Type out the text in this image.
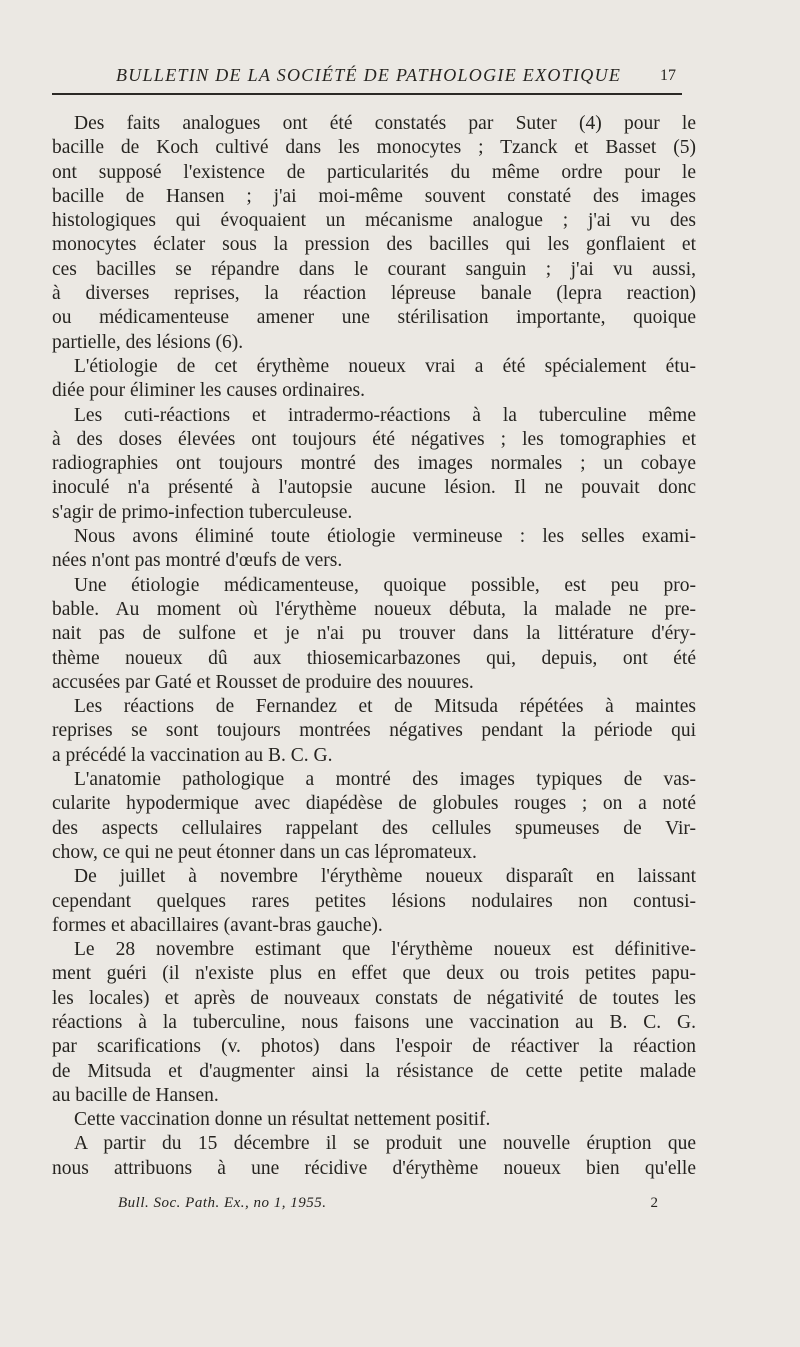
BULLETIN DE LA SOCIÉTÉ DE PATHOLOGIE EXOTIQUE 17
Des faits analogues ont été constatés par Suter (4) pour le
bacille de Koch cultivé dans les monocytes ; Tzanck et Basset (5)
ont supposé l'existence de particularités du même ordre pour le
bacille de Hansen ; j'ai moi-même souvent constaté des images
histologiques qui évoquaient un mécanisme analogue ; j'ai vu des
monocytes éclater sous la pression des bacilles qui les gonflaient et
ces bacilles se répandre dans le courant sanguin ; j'ai vu aussi,
à diverses reprises, la réaction lépreuse banale (lepra reaction)
ou médicamenteuse amener une stérilisation importante, quoique
partielle, des lésions (6).
L'étiologie de cet érythème noueux vrai a été spécialement étu-
diée pour éliminer les causes ordinaires.
Les cuti-réactions et intradermo-réactions à la tuberculine même
à des doses élevées ont toujours été négatives ; les tomographies et
radiographies ont toujours montré des images normales ; un cobaye
inoculé n'a présenté à l'autopsie aucune lésion. Il ne pouvait donc
s'agir de primo-infection tuberculeuse.
Nous avons éliminé toute étiologie vermineuse : les selles exami-
nées n'ont pas montré d'œufs de vers.
Une étiologie médicamenteuse, quoique possible, est peu pro-
bable. Au moment où l'érythème noueux débuta, la malade ne pre-
nait pas de sulfone et je n'ai pu trouver dans la littérature d'éry-
thème noueux dû aux thiosemicarbazones qui, depuis, ont été
accusées par Gaté et Rousset de produire des nouures.
Les réactions de Fernandez et de Mitsuda répétées à maintes
reprises se sont toujours montrées négatives pendant la période qui
a précédé la vaccination au B. C. G.
L'anatomie pathologique a montré des images typiques de vas-
cularite hypodermique avec diapédèse de globules rouges ; on a noté
des aspects cellulaires rappelant des cellules spumeuses de Vir-
chow, ce qui ne peut étonner dans un cas lépromateux.
De juillet à novembre l'érythème noueux disparaît en laissant
cependant quelques rares petites lésions nodulaires non contusi-
formes et abacillaires (avant-bras gauche).
Le 28 novembre estimant que l'érythème noueux est définitive-
ment guéri (il n'existe plus en effet que deux ou trois petites papu-
les locales) et après de nouveaux constats de négativité de toutes les
réactions à la tuberculine, nous faisons une vaccination au B. C. G.
par scarifications (v. photos) dans l'espoir de réactiver la réaction
de Mitsuda et d'augmenter ainsi la résistance de cette petite malade
au bacille de Hansen.
Cette vaccination donne un résultat nettement positif.
A partir du 15 décembre il se produit une nouvelle éruption que
nous attribuons à une récidive d'érythème noueux bien qu'elle
Bull. Soc. Path. Ex., no 1, 1955.	2
